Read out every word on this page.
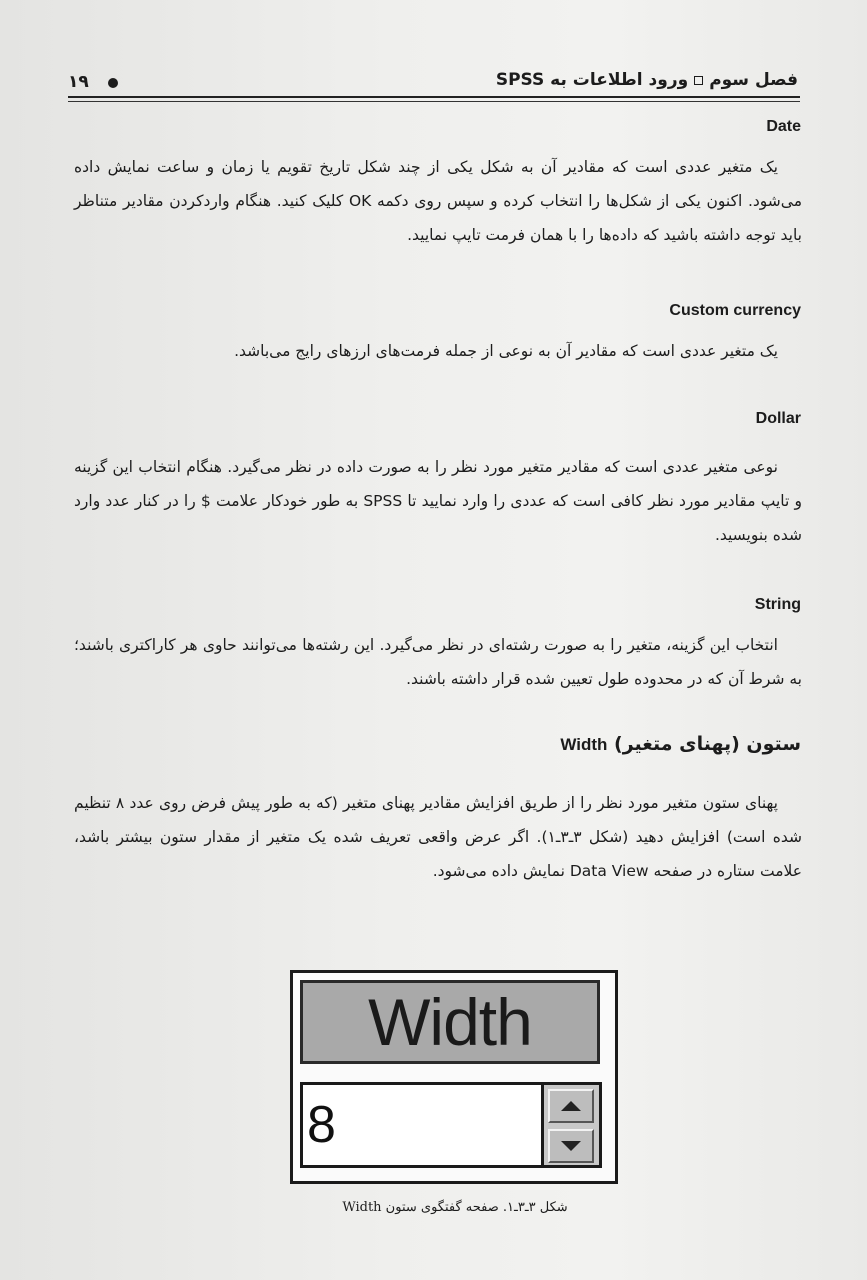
۱۹	فصل سومورود اطلاعات به SPSS
Date
یک متغیر عددی است که مقادیر آن به شکل یکی از چند شکل تاریخ تقویم یا زمان و ساعت نمایش داده می‌شود. اکنون یکی از شکل‌ها را انتخاب کرده و سپس روی دکمه OK کلیک کنید. هنگام واردکردن مقادیر متناظر باید توجه داشته باشید که داده‌ها را با همان فرمت تایپ نمایید.
Custom currency
یک متغیر عددی است که مقادیر آن به نوعی از جمله فرمت‌های ارزهای رایج می‌باشد.
Dollar
نوعی متغیر عددی است که مقادیر متغیر مورد نظر را به صورت داده در نظر می‌گیرد. هنگام انتخاب این گزینه و تایپ مقادیر مورد نظر کافی است که عددی را وارد نمایید تا SPSS به طور خودکار علامت $ را در کنار عدد وارد شده بنویسید.
String
انتخاب این گزینه، متغیر را به صورت رشته‌ای در نظر می‌گیرد. این رشته‌ها می‌توانند حاوی هر کاراکتری باشند؛ به شرط آن که در محدوده طول تعیین شده قرار داشته باشند.
ستون (پهنای متغیر) Width
پهنای ستون متغیر مورد نظر را از طریق افزایش مقادیر پهنای متغیر (که به طور پیش فرض روی عدد ۸ تنظیم شده است) افزایش دهید (شکل ۳ـ۳ـ۱). اگر عرض واقعی تعریف شده یک متغیر از مقدار ستون بیشتر باشد، علامت ستاره در صفحه Data View نمایش داده می‌شود.
Width
8
شکل ۳ـ۳ـ۱. صفحه گفتگوی ستون Width
